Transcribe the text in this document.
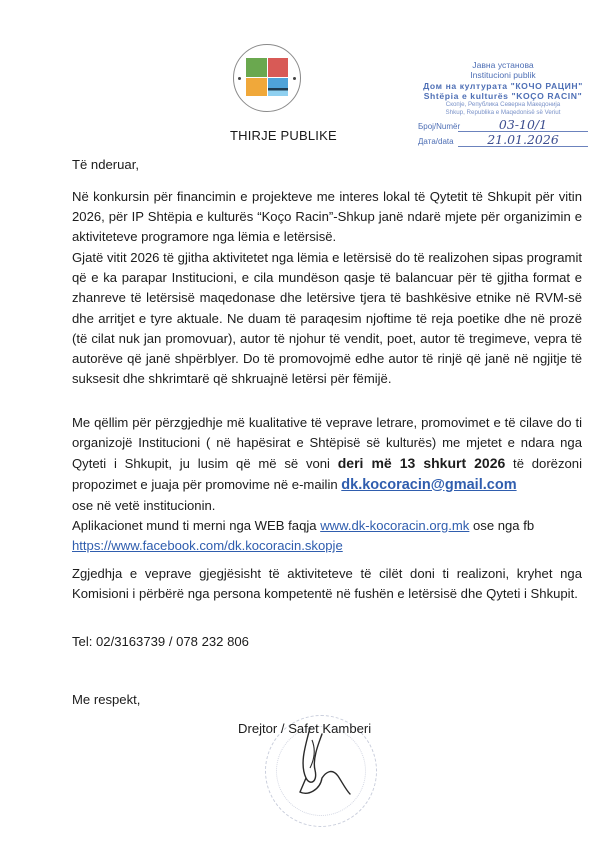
THIRJE PUBLIKE
Јавна установа
Institucioni publik
Дом на културата "КОЧО РАЦИН"
Shtëpia e kulturës "KOÇO RACIN"
Скопје, Република Северна Македонија
Shkup, Republika e Maqedonisë së Veriut
Број/Numër	03-10/1
Датa/data	21.01.2026
Të nderuar,
Në konkursin për financimin e projekteve me interes lokal të Qytetit të Shkupit për vitin 2026, për IP Shtëpia e kulturës “Koço Racin”-Shkup janë ndarë mjete për organizimin e aktiviteteve programore nga lëmia e letërsisë.
Gjatë vitit 2026 të gjitha aktivitetet nga lëmia e letërsisë do të realizohen sipas programit që e ka parapar Institucioni, e cila mundëson qasje të balancuar për të gjitha format e zhanreve të letërsisë maqedonase dhe letërsive tjera të bashkësive etnike në RVM-së dhe arritjet e tyre aktuale. Ne duam të paraqesim njoftime të reja poetike dhe në prozë (të cilat nuk jan promovuar), autor të njohur të vendit, poet, autor të tregimeve, vepra të autorëve që janë shpërblyer. Do të promovojmë edhe autor të rinjë që janë në ngjitje të suksesit dhe shkrimtarë që shkruajnë letërsi për fëmijë.
Me qëllim për përzgjedhje më kualitative të veprave letrare, promovimet e të cilave do ti organizojë Institucioni ( në hapësirat e Shtëpisë së kulturës) me mjetet e ndara nga Qyteti i Shkupit, ju lusim që më së voni deri më 13 shkurt 2026 të dorëzoni propozimet e juaja për promovime në e-mailin dk.kocoracin@gmail.com
ose në vetë institucionin.
Aplikacionet mund ti merni nga WEB faqja www.dk-kocoracin.org.mk ose nga fb
https://www.facebook.com/dk.kocoracin.skopje
Zgjedhja e veprave gjegjësisht të aktiviteteve të cilët doni ti realizoni, kryhet nga Komisioni i përbërë nga persona kompetentë në fushën e letërsisë dhe Qyteti i Shkupit.
Tel: 02/3163739 / 078 232 806
Me respekt,
Drejtor / Safet Kamberi
